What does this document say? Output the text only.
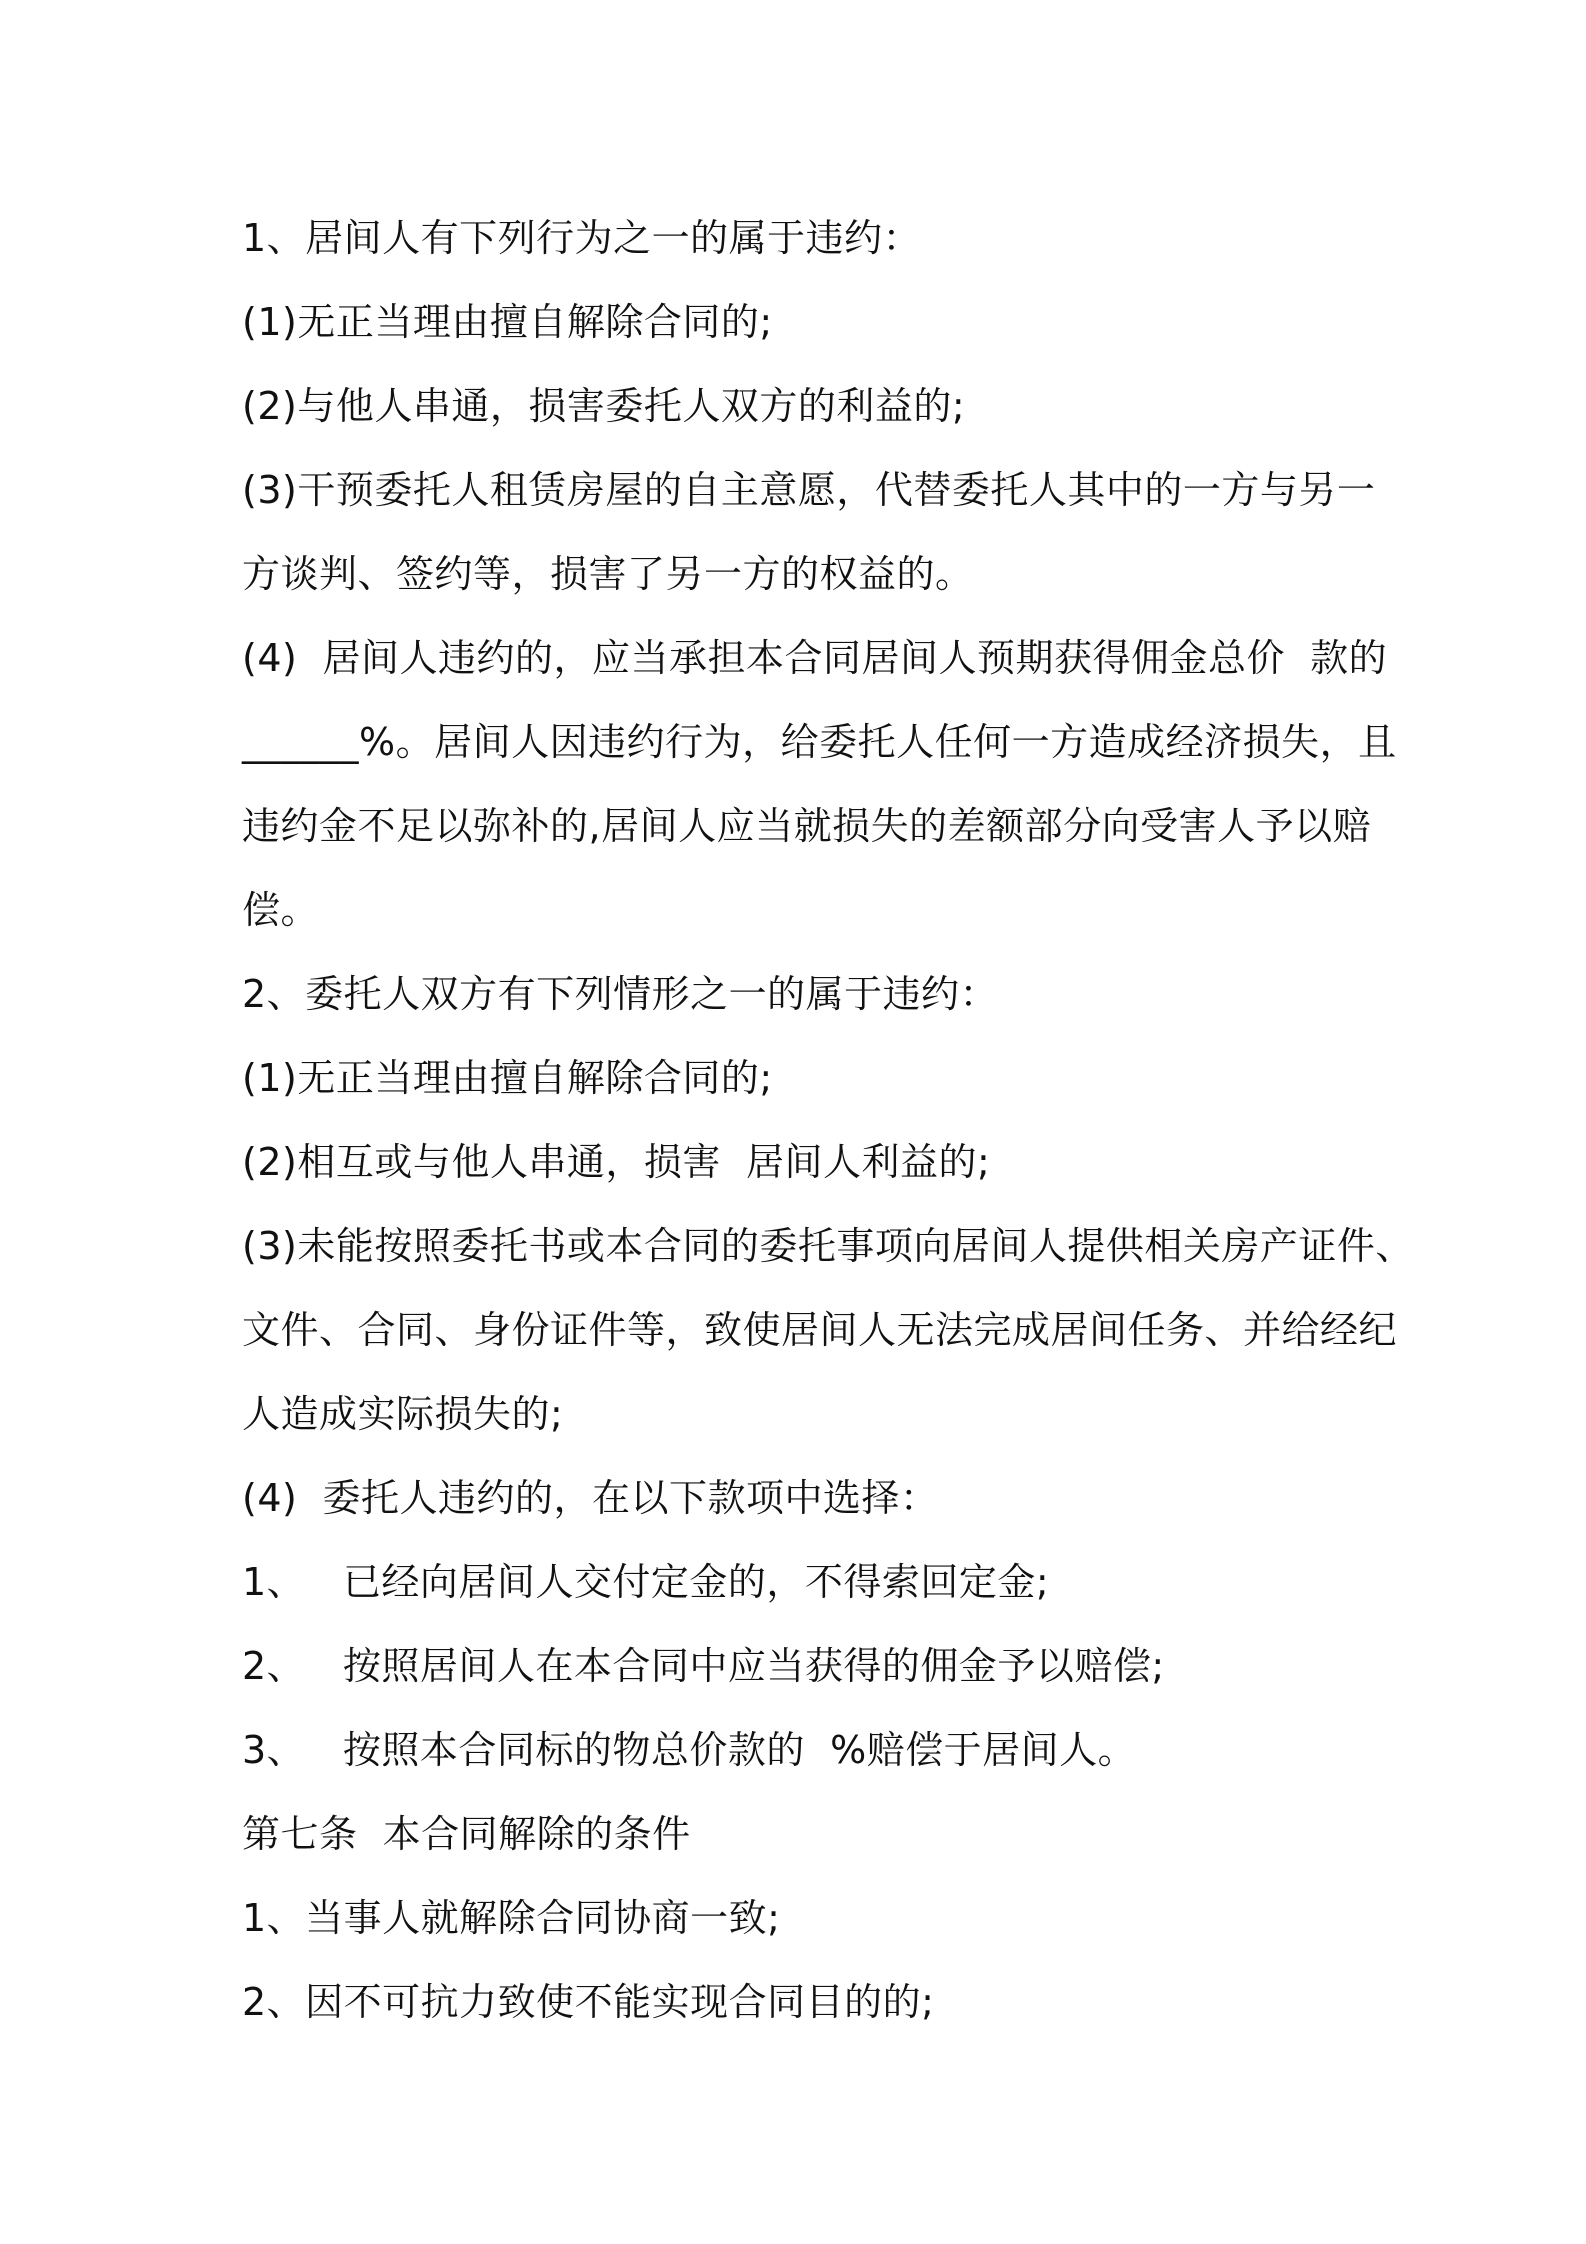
1、居间人有下列行为之一的属于违约：
(1)无正当理由擅自解除合同的;
(2)与他人串通，损害委托人双方的利益的;
(3)干预委托人租赁房屋的自主意愿，代替委托人其中的一方与另一
方谈判、签约等，损害了另一方的权益的。
(4)  居间人违约的，应当承担本合同居间人预期获得佣金总价  款的
______%。居间人因违约行为，给委托人任何一方造成经济损失，且
违约金不足以弥补的,居间人应当就损失的差额部分向受害人予以赔
偿。
2、委托人双方有下列情形之一的属于违约：
(1)无正当理由擅自解除合同的;
(2)相互或与他人串通，损害  居间人利益的;
(3)未能按照委托书或本合同的委托事项向居间人提供相关房产证件、
文件、合同、身份证件等，致使居间人无法完成居间任务、并给经纪
人造成实际损失的;
(4)  委托人违约的，在以下款项中选择：
1、   已经向居间人交付定金的，不得索回定金;
2、   按照居间人在本合同中应当获得的佣金予以赔偿;
3、   按照本合同标的物总价款的  %赔偿于居间人。
第七条  本合同解除的条件
1、当事人就解除合同协商一致;
2、因不可抗力致使不能实现合同目的的;
